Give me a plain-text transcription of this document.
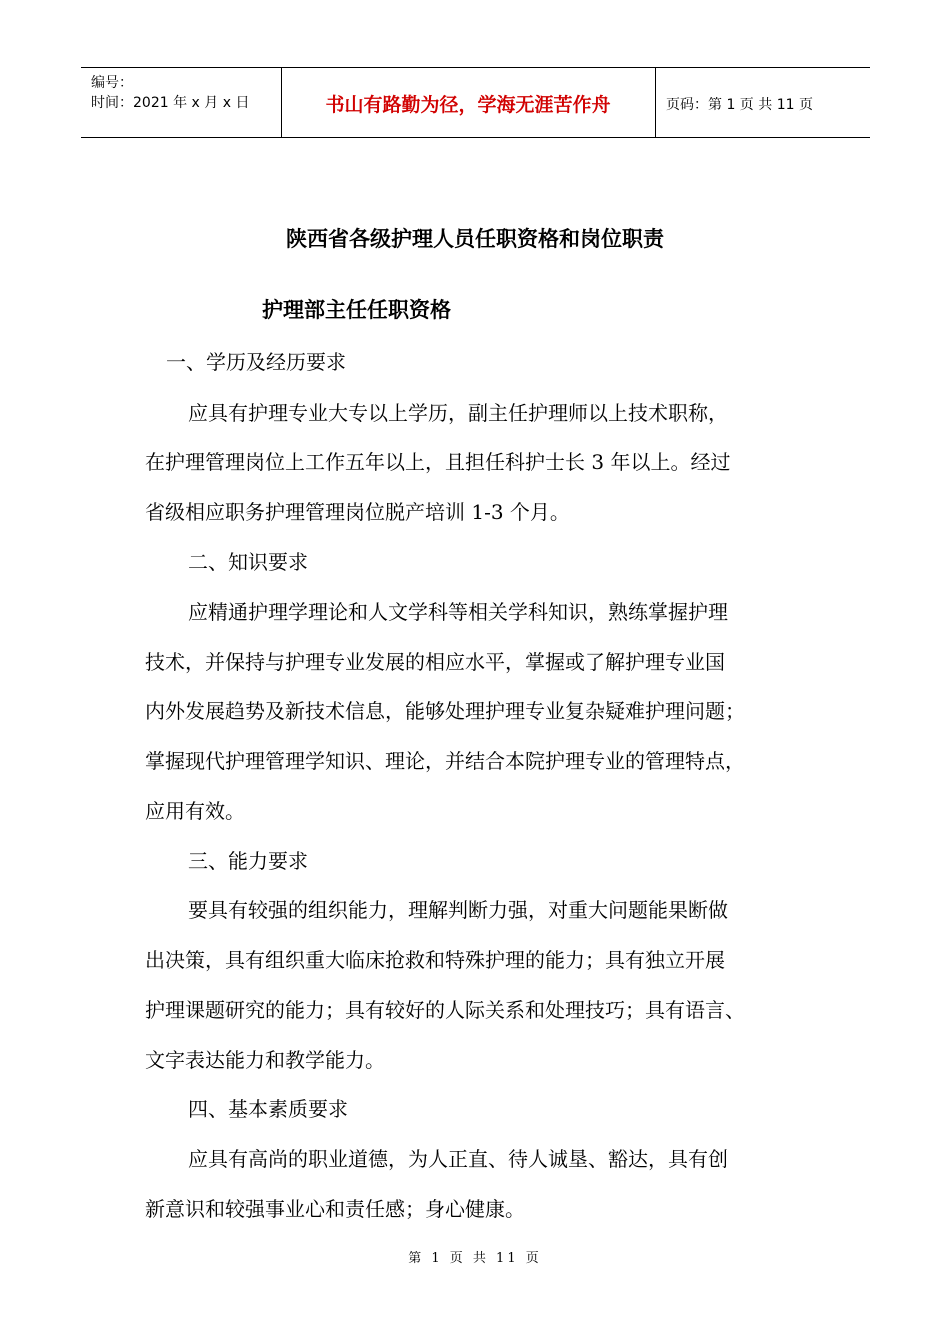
编号：
时间：2021 年 x 月 x 日	书山有路勤为径，学海无涯苦作舟	页码：第 1 页 共 11 页
陕西省各级护理人员任职资格和岗位职责
护理部主任任职资格
一、学历及经历要求
应具有护理专业大专以上学历，副主任护理师以上技术职称，
在护理管理岗位上工作五年以上，且担任科护士长 3 年以上。经过
省级相应职务护理管理岗位脱产培训 1-3 个月。
二、知识要求
应精通护理学理论和人文学科等相关学科知识，熟练掌握护理
技术，并保持与护理专业发展的相应水平，掌握或了解护理专业国
内外发展趋势及新技术信息，能够处理护理专业复杂疑难护理问题；
掌握现代护理管理学知识、理论，并结合本院护理专业的管理特点，
应用有效。
三、能力要求
要具有较强的组织能力，理解判断力强，对重大问题能果断做
出决策，具有组织重大临床抢救和特殊护理的能力；具有独立开展
护理课题研究的能力；具有较好的人际关系和处理技巧；具有语言、
文字表达能力和教学能力。
四、基本素质要求
应具有高尚的职业道德，为人正直、待人诚垦、豁达，具有创
新意识和较强事业心和责任感；身心健康。
第 1 页 共 11 页
